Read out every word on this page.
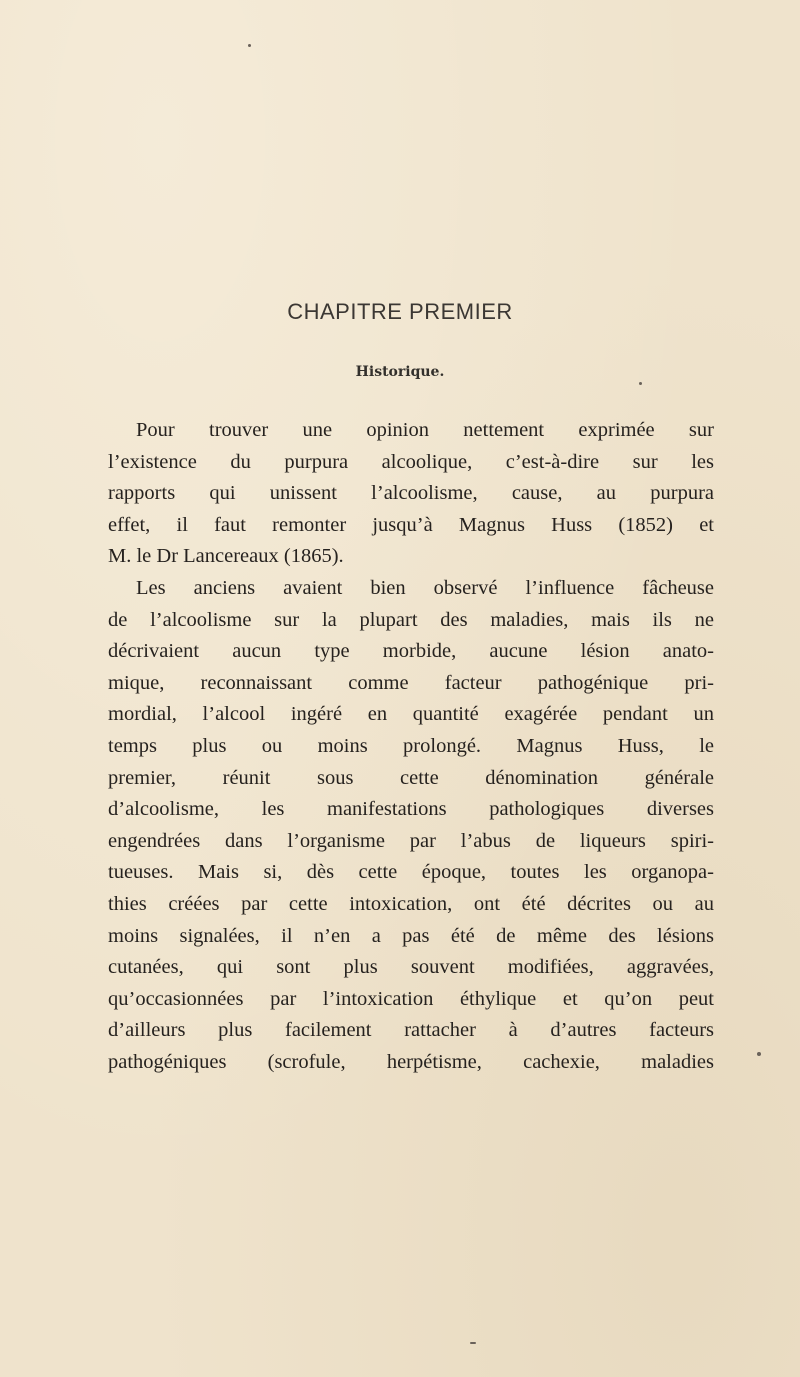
CHAPITRE PREMIER
Historique.
Pour trouver une opinion nettement exprimée sur
l’existence du purpura alcoolique, c’est-à-dire sur les
rapports qui unissent l’alcoolisme, cause, au purpura
effet, il faut remonter jusqu’à Magnus Huss (1852) et
M. le Dr Lancereaux (1865).
Les anciens avaient bien observé l’influence fâcheuse
de l’alcoolisme sur la plupart des maladies, mais ils ne
décrivaient aucun type morbide, aucune lésion anato-
mique, reconnaissant comme facteur pathogénique pri-
mordial, l’alcool ingéré en quantité exagérée pendant un
temps plus ou moins prolongé. Magnus Huss, le
premier, réunit sous cette dénomination générale
d’alcoolisme, les manifestations pathologiques diverses
engendrées dans l’organisme par l’abus de liqueurs spiri-
tueuses. Mais si, dès cette époque, toutes les organopa-
thies créées par cette intoxication, ont été décrites ou au
moins signalées, il n’en a pas été de même des lésions
cutanées, qui sont plus souvent modifiées, aggravées,
qu’occasionnées par l’intoxication éthylique et qu’on peut
d’ailleurs plus facilement rattacher à d’autres facteurs
pathogéniques (scrofule, herpétisme, cachexie, maladies
